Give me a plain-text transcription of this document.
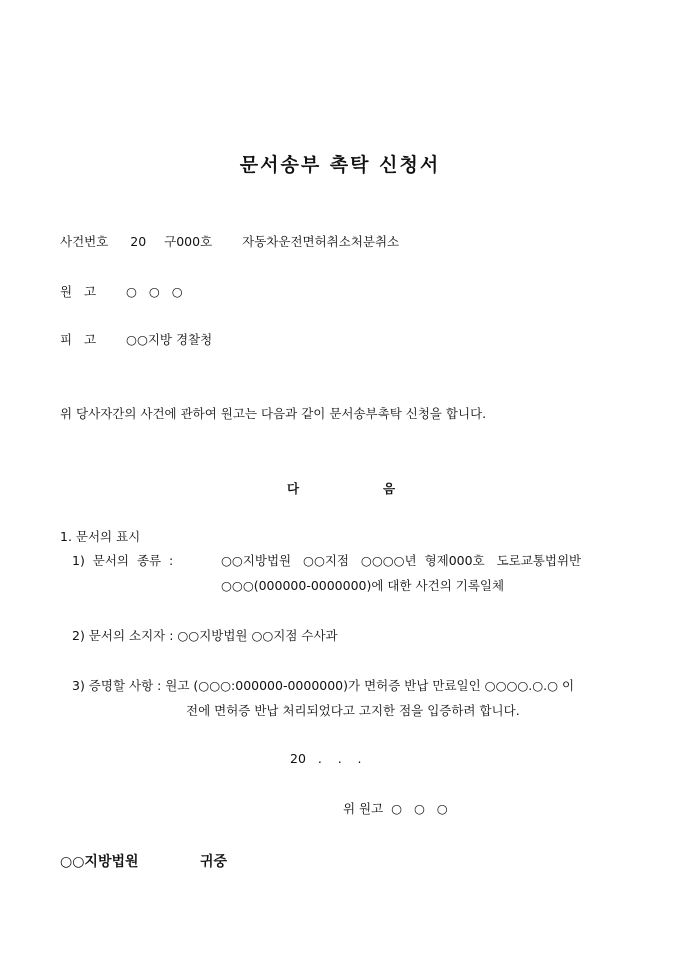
문서송부 촉탁 신청서
사건번호 20 구000호 자동차운전면허취소처분취소
원   고 ○   ○   ○
피   고 ○○지방 경찰청
위 당사자간의 사건에 관하여 원고는 다음과 같이 문서송부촉탁 신청을 합니다.
다	음
1. 문서의 표시
1)  문서의  종류  :	○○지방법원   ○○지점   ○○○○년  형제000호   도로교통법위반
○○○(000000-0000000)에 대한 사건의 기록일체
2) 문서의 소지자 : ○○지방법원 ○○지점 수사과
3) 증명할 사항 : 원고 (○○○:000000-0000000)가 면허증 반납 만료일인 ○○○○.○.○ 이
전에 면허증 반납 처리되었다고 고지한 점을 입증하려 합니다.
20   .    .    .
위 원고  ○   ○   ○
○○지방법원	귀중
